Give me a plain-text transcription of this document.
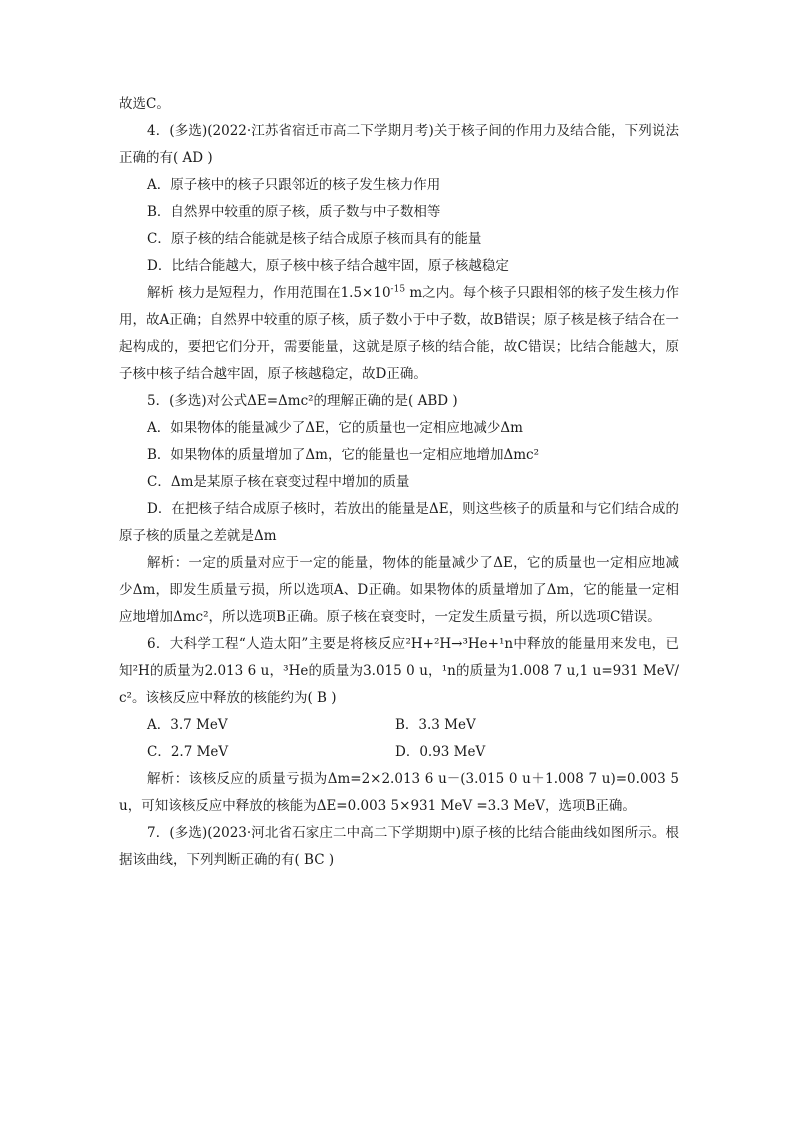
故选C。

4．(多选)(2022·江苏省宿迁市高二下学期月考)关于核子间的作用力及结合能，下列说法正确的有( AD )

A．原子核中的核子只跟邻近的核子发生核力作用

B．自然界中较重的原子核，质子数与中子数相等

C．原子核的结合能就是核子结合成原子核而具有的能量

D．比结合能越大，原子核中核子结合越牢固，原子核越稳定

解析 核力是短程力，作用范围在$1.5\times 10^{-15}$ m之内。每个核子只跟相邻的核子发生核力作用，故A正确；自然界中较重的原子核，质子数小于中子数，故B错误；原子核是核子结合在一起构成的，要把它们分开，需要能量，这就是原子核的结合能，故C错误；比结合能越大，原子核中核子结合越牢固，原子核越稳定，故D正确。

5．(多选)对公式ΔE=Δmc²的理解正确的是( ABD )

A．如果物体的能量减少了ΔE，它的质量也一定相应地减少Δm

B．如果物体的质量增加了Δm，它的能量也一定相应地增加Δmc²

C．Δm是某原子核在衰变过程中增加的质量

D．在把核子结合成原子核时，若放出的能量是ΔE，则这些核子的质量和与它们结合成的原子核的质量之差就是Δm

解析：一定的质量对应于一定的能量，物体的能量减少了ΔE，它的质量也一定相应地减少Δm，即发生质量亏损，所以选项A、D正确。如果物体的质量增加了Δm，它的能量一定相应地增加Δmc²，所以选项B正确。原子核在衰变时，一定发生质量亏损，所以选项C错误。

6．大科学工程“人造太阳”主要是将核反应²H+²H→³He+¹n中释放的能量用来发电，已知²H的质量为2.013 6 u，³He的质量为3.015 0 u，¹n的质量为1.008 7 u,1 u=931 MeV/c²。该核反应中释放的核能约为( B )

A．3.7 MeV	B．3.3 MeV
C．2.7 MeV	D．0.93 MeV

解析：该核反应的质量亏损为Δm=2×2.013 6 u－(3.015 0 u＋1.008 7 u)=0.003 5 u，可知该核反应中释放的核能为ΔE=0.003 5×931 MeV =3.3 MeV，选项B正确。

7．(多选)(2023·河北省石家庄二中高二下学期期中)原子核的比结合能曲线如图所示。根据该曲线，下列判断正确的有( BC )
